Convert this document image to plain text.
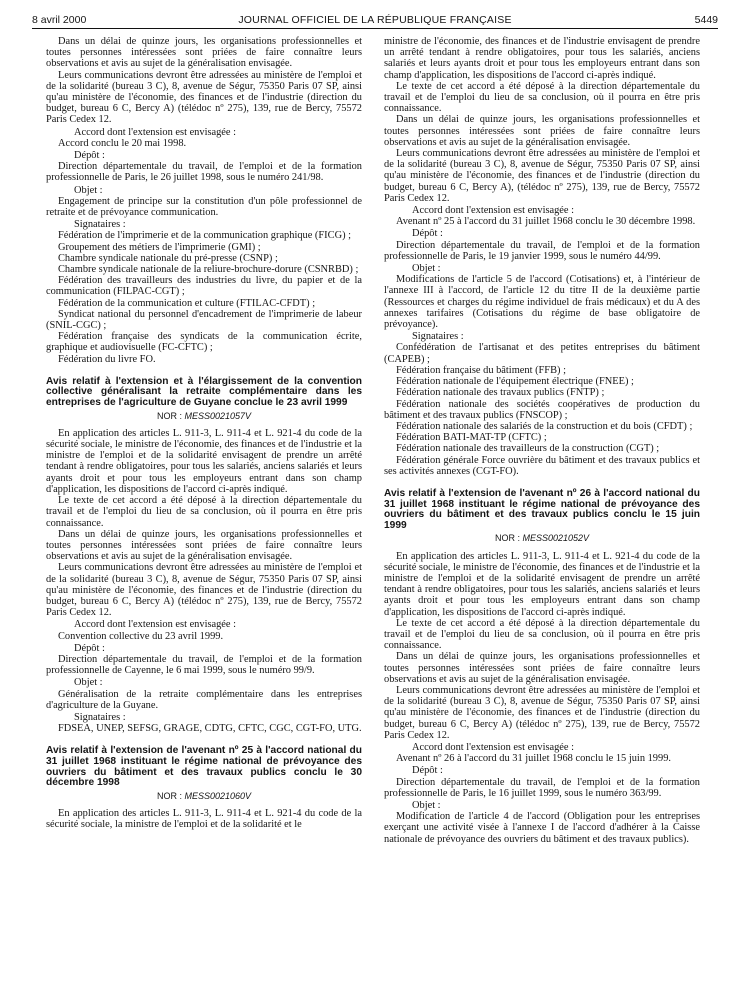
8 avril 2000	JOURNAL OFFICIEL DE LA RÉPUBLIQUE FRANÇAISE	5449

Dans un délai de quinze jours, les organisations professionnelles et toutes personnes intéressées sont priées de faire connaître leurs observations et avis au sujet de la généralisation envisagée.

Leurs communications devront être adressées au ministère de l'emploi et de la solidarité (bureau 3 C), 8, avenue de Ségur, 75350 Paris 07 SP, ainsi qu'au ministère de l'économie, des finances et de l'industrie (direction du budget, bureau 6 C, Bercy A) (télédoc nº 275), 139, rue de Bercy, 75572 Paris Cedex 12.

Accord dont l'extension est envisagée :

Accord conclu le 20 mai 1998.

Dépôt :

Direction départementale du travail, de l'emploi et de la formation professionnelle de Paris, le 26 juillet 1998, sous le numéro 241/98.

Objet :

Engagement de principe sur la constitution d'un pôle professionnel de retraite et de prévoyance communication.

Signataires :

Fédération de l'imprimerie et de la communication graphique (FICG) ;

Groupement des métiers de l'imprimerie (GMI) ;

Chambre syndicale nationale du pré-presse (CSNP) ;

Chambre syndicale nationale de la reliure-brochure-dorure (CSNRBD) ;

Fédération des travailleurs des industries du livre, du papier et de la communication (FILPAC-CGT) ;

Fédération de la communication et culture (FTILAC-CFDT) ;

Syndicat national du personnel d'encadrement de l'imprimerie de labeur (SNIL-CGC) ;

Fédération française des syndicats de la communication écrite, graphique et audiovisuelle (FC-CFTC) ;

Fédération du livre FO.

Avis relatif à l'extension et à l'élargissement de la convention collective généralisant la retraite complémentaire dans les entreprises de l'agriculture de Guyane conclue le 23 avril 1999

NOR : MESS0021057V

En application des articles L. 911-3, L. 911-4 et L. 921-4 du code de la sécurité sociale, le ministre de l'économie, des finances et de l'industrie et la ministre de l'emploi et de la solidarité envisagent de prendre un arrêté tendant à rendre obligatoires, pour tous les salariés, anciens salariés et leurs ayants droit et pour tous les employeurs entrant dans son champ d'application, les dispositions de l'accord ci-après indiqué.

Le texte de cet accord a été déposé à la direction départementale du travail et de l'emploi du lieu de sa conclusion, où il pourra en être pris connaissance.

Dans un délai de quinze jours, les organisations professionnelles et toutes personnes intéressées sont priées de faire connaître leurs observations et avis au sujet de la généralisation envisagée.

Leurs communications devront être adressées au ministère de l'emploi et de la solidarité (bureau 3 C), 8, avenue de Ségur, 75350 Paris 07 SP, ainsi qu'au ministère de l'économie, des finances et de l'industrie (direction du budget, bureau 6 C, Bercy A) (télédoc nº 275), 139, rue de Bercy, 75572 Paris Cedex 12.

Accord dont l'extension est envisagée :

Convention collective du 23 avril 1999.

Dépôt :

Direction départementale du travail, de l'emploi et de la formation professionnelle de Cayenne, le 6 mai 1999, sous le numéro 99/9.

Objet :

Généralisation de la retraite complémentaire dans les entreprises d'agriculture de la Guyane.

Signataires :

FDSEA, UNEP, SEFSG, GRAGE, CDTG, CFTC, CGC, CGT-FO, UTG.

Avis relatif à l'extension de l'avenant nº 25 à l'accord national du 31 juillet 1968 instituant le régime national de prévoyance des ouvriers du bâtiment et des travaux publics conclu le 30 décembre 1998

NOR : MESS0021060V

En application des articles L. 911-3, L. 911-4 et L. 921-4 du code de la sécurité sociale, la ministre de l'emploi et de la solidarité et le

ministre de l'économie, des finances et de l'industrie envisagent de prendre un arrêté tendant à rendre obligatoires, pour tous les salariés, anciens salariés et leurs ayants droit et pour tous les employeurs entrant dans son champ d'application, les dispositions de l'accord ci-après indiqué.

Le texte de cet accord a été déposé à la direction départementale du travail et de l'emploi du lieu de sa conclusion, où il pourra en être pris connaissance.

Dans un délai de quinze jours, les organisations professionnelles et toutes personnes intéressées sont priées de faire connaître leurs observations et avis au sujet de la généralisation envisagée.

Leurs communications devront être adressées au ministère de l'emploi et de la solidarité (bureau 3 C), 8, avenue de Ségur, 75350 Paris 07 SP, ainsi qu'au ministère de l'économie, des finances et de l'industrie (direction du budget, bureau 6 C, Bercy A), (télédoc nº 275), 139, rue de Bercy, 75572 Paris Cedex 12.

Accord dont l'extension est envisagée :

Avenant nº 25 à l'accord du 31 juillet 1968 conclu le 30 décembre 1998.

Dépôt :

Direction départementale du travail, de l'emploi et de la formation professionnelle de Paris, le 19 janvier 1999, sous le numéro 44/99.

Objet :

Modifications de l'article 5 de l'accord (Cotisations) et, à l'intérieur de l'annexe III à l'accord, de l'article 12 du titre II de la deuxième partie (Ressources et charges du régime individuel de frais médicaux) et du A des annexes tarifaires (Cotisations du régime de base obligatoire de prévoyance).

Signataires :

Confédération de l'artisanat et des petites entreprises du bâtiment (CAPEB) ;

Fédération française du bâtiment (FFB) ;

Fédération nationale de l'équipement électrique (FNEE) ;

Fédération nationale des travaux publics (FNTP) ;

Fédération nationale des sociétés coopératives de production du bâtiment et des travaux publics (FNSCOP) ;

Fédération nationale des salariés de la construction et du bois (CFDT) ;

Fédération BATI-MAT-TP (CFTC) ;

Fédération nationale des travailleurs de la construction (CGT) ;

Fédération générale Force ouvrière du bâtiment et des travaux publics et ses activités annexes (CGT-FO).

Avis relatif à l'extension de l'avenant nº 26 à l'accord national du 31 juillet 1968 instituant le régime national de prévoyance des ouvriers du bâtiment et des travaux publics conclu le 15 juin 1999

NOR : MESS0021052V

En application des articles L. 911-3, L. 911-4 et L. 921-4 du code de la sécurité sociale, le ministre de l'économie, des finances et de l'industrie et la ministre de l'emploi et de la solidarité envisagent de prendre un arrêté tendant à rendre obligatoires, pour tous les salariés, anciens salariés et leurs ayants droit et pour tous les employeurs entrant dans son champ d'application, les dispositions de l'accord ci-après indiqué.

Le texte de cet accord a été déposé à la direction départementale du travail et de l'emploi du lieu de sa conclusion, où il pourra en être pris connaissance.

Dans un délai de quinze jours, les organisations professionnelles et toutes personnes intéressées sont priées de faire connaître leurs observations et avis au sujet de la généralisation envisagée.

Leurs communications devront être adressées au ministère de l'emploi et de la solidarité (bureau 3 C), 8, avenue de Ségur, 75350 Paris 07 SP, ainsi qu'au ministère de l'économie, des finances et de l'industrie (direction du budget, bureau 6 C, Bercy A) (télédoc nº 275), 139, rue de Bercy, 75572 Paris Cedex 12.

Accord dont l'extension est envisagée :

Avenant nº 26 à l'accord du 31 juillet 1968 conclu le 15 juin 1999.

Dépôt :

Direction départementale du travail, de l'emploi et de la formation professionnelle de Paris, le 16 juillet 1999, sous le numéro 363/99.

Objet :

Modification de l'article 4 de l'accord (Obligation pour les entreprises exerçant une activité visée à l'annexe I de l'accord d'adhérer à la Caisse nationale de prévoyance des ouvriers du bâtiment et des travaux publics).
